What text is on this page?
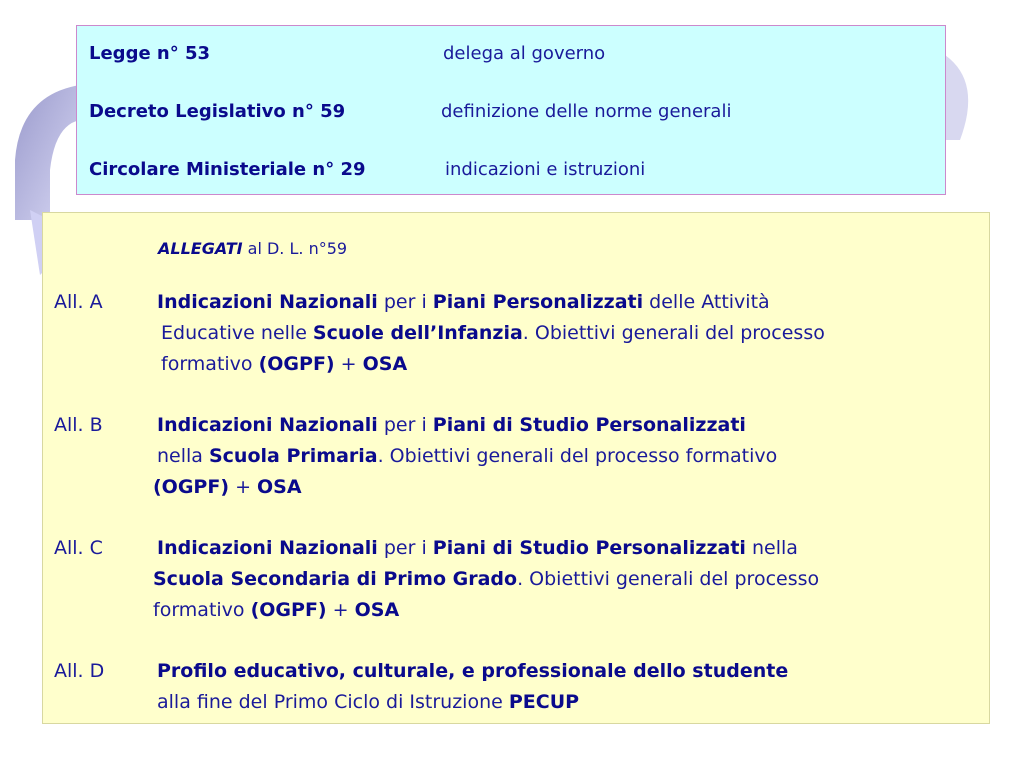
Legge n° 53	delega al governo
Decreto Legislativo n° 59	definizione delle norme generali
Circolare Ministeriale n° 29	indicazioni e istruzioni
ALLEGATI al D. L. n°59
All. A	Indicazioni Nazionali per i Piani Personalizzati delle Attività
Educative nelle Scuole dell’Infanzia. Obiettivi generali del processo
formativo (OGPF) + OSA
All. B	Indicazioni Nazionali per i Piani di Studio Personalizzati
nella Scuola Primaria. Obiettivi generali del processo formativo
(OGPF) + OSA
All. C	Indicazioni Nazionali per i Piani di Studio Personalizzati nella
Scuola Secondaria di Primo Grado. Obiettivi generali del processo
formativo (OGPF) + OSA
All. D	Profilo educativo, culturale, e professionale dello studente
alla fine del Primo Ciclo di Istruzione PECUP
